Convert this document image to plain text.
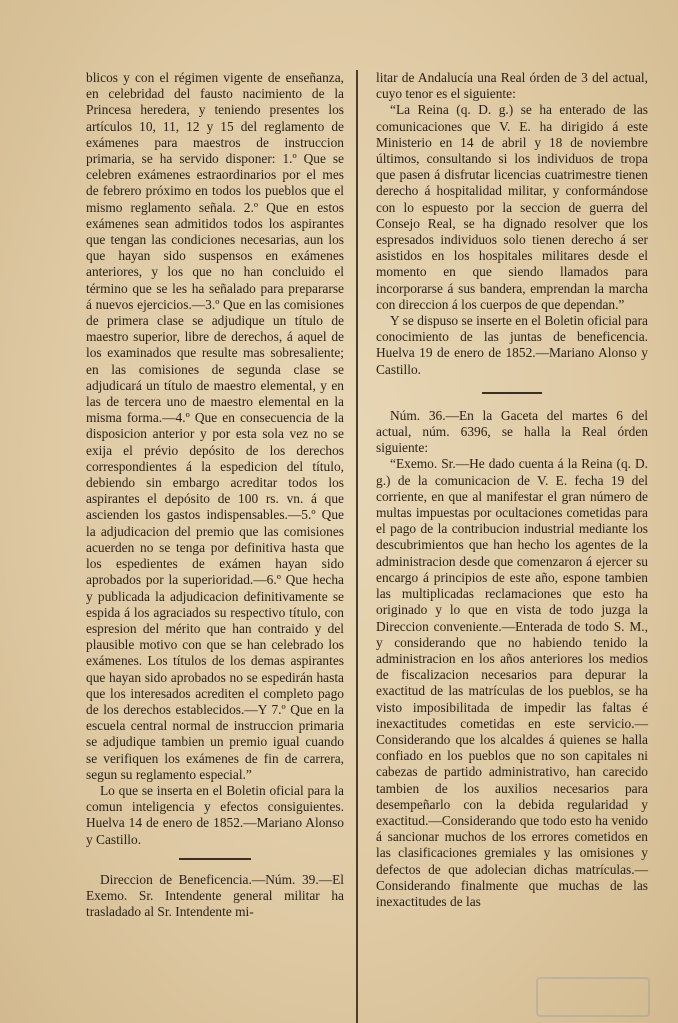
blicos y con el régimen vigente de enseñanza, en celebridad del fausto nacimiento de la Princesa heredera, y teniendo presentes los artículos 10, 11, 12 y 15 del reglamento de exámenes para maestros de instruccion primaria, se ha servido disponer: 1.º Que se celebren exámenes estraordinarios por el mes de febrero próximo en todos los pueblos que el mismo reglamento señala. 2.º Que en estos exámenes sean admitidos todos los aspirantes que tengan las condiciones necesarias, aun los que hayan sido suspensos en exámenes anteriores, y los que no han concluido el término que se les ha señalado para prepararse á nuevos ejercicios.—3.º Que en las comisiones de primera clase se adjudique un título de maestro superior, libre de derechos, á aquel de los examinados que resulte mas sobresaliente; en las comisiones de segunda clase se adjudicará un título de maestro elemental, y en las de tercera uno de maestro elemental en la misma forma.—4.º Que en consecuencia de la disposicion anterior y por esta sola vez no se exija el prévio depósito de los derechos correspondientes á la espedicion del título, debiendo sin embargo acreditar todos los aspirantes el depósito de 100 rs. vn. á que ascienden los gastos indispensables.—5.º Que la adjudicacion del premio que las comisiones acuerden no se tenga por definitiva hasta que los espedientes de exámen hayan sido aprobados por la superioridad.—6.º Que hecha y publicada la adjudicacion definitivamente se espida á los agraciados su respectivo título, con espresion del mérito que han contraido y del plausible motivo con que se han celebrado los exámenes. Los títulos de los demas aspirantes que hayan sido aprobados no se espedirán hasta que los interesados acrediten el completo pago de los derechos establecidos.—Y 7.º Que en la escuela central normal de instruccion primaria se adjudique tambien un premio igual cuando se verifiquen los exámenes de fin de carrera, segun su reglamento especial.”

Lo que se inserta en el Boletin oficial para la comun inteligencia y efectos consiguientes. Huelva 14 de enero de 1852.—Mariano Alonso y Castillo.

Direccion de Beneficencia.—Núm. 39.—El Exemo. Sr. Intendente general militar ha trasladado al Sr. Intendente mi-

litar de Andalucía una Real órden de 3 del actual, cuyo tenor es el siguiente:

“La Reina (q. D. g.) se ha enterado de las comunicaciones que V. E. ha dirigido á este Ministerio en 14 de abril y 18 de noviembre últimos, consultando si los individuos de tropa que pasen á disfrutar licencias cuatrimestre tienen derecho á hospitalidad militar, y conformándose con lo espuesto por la seccion de guerra del Consejo Real, se ha dignado resolver que los espresados individuos solo tienen derecho á ser asistidos en los hospitales militares desde el momento en que siendo llamados para incorporarse á sus bandera, emprendan la marcha con direccion á los cuerpos de que dependan.”

Y se dispuso se inserte en el Boletin oficial para conocimiento de las juntas de beneficencia. Huelva 19 de enero de 1852.—Mariano Alonso y Castillo.

Núm. 36.—En la Gaceta del martes 6 del actual, núm. 6396, se halla la Real órden siguiente:

“Exemo. Sr.—He dado cuenta á la Reina (q. D. g.) de la comunicacion de V. E. fecha 19 del corriente, en que al manifestar el gran número de multas impuestas por ocultaciones cometidas para el pago de la contribucion industrial mediante los descubrimientos que han hecho los agentes de la administracion desde que comenzaron á ejercer su encargo á principios de este año, espone tambien las multiplicadas reclamaciones que esto ha originado y lo que en vista de todo juzga la Direccion conveniente.—Enterada de todo S. M., y considerando que no habiendo tenido la administracion en los años anteriores los medios de fiscalizacion necesarios para depurar la exactitud de las matrículas de los pueblos, se ha visto imposibilitada de impedir las faltas é inexactitudes cometidas en este servicio.—Considerando que los alcaldes á quienes se halla confiado en los pueblos que no son capitales ni cabezas de partido administrativo, han carecido tambien de los auxilios necesarios para desempeñarlo con la debida regularidad y exactitud.—Considerando que todo esto ha venido á sancionar muchos de los errores cometidos en las clasificaciones gremiales y las omisiones y defectos de que adolecian dichas matrículas.—Considerando finalmente que muchas de las inexactitudes de las
